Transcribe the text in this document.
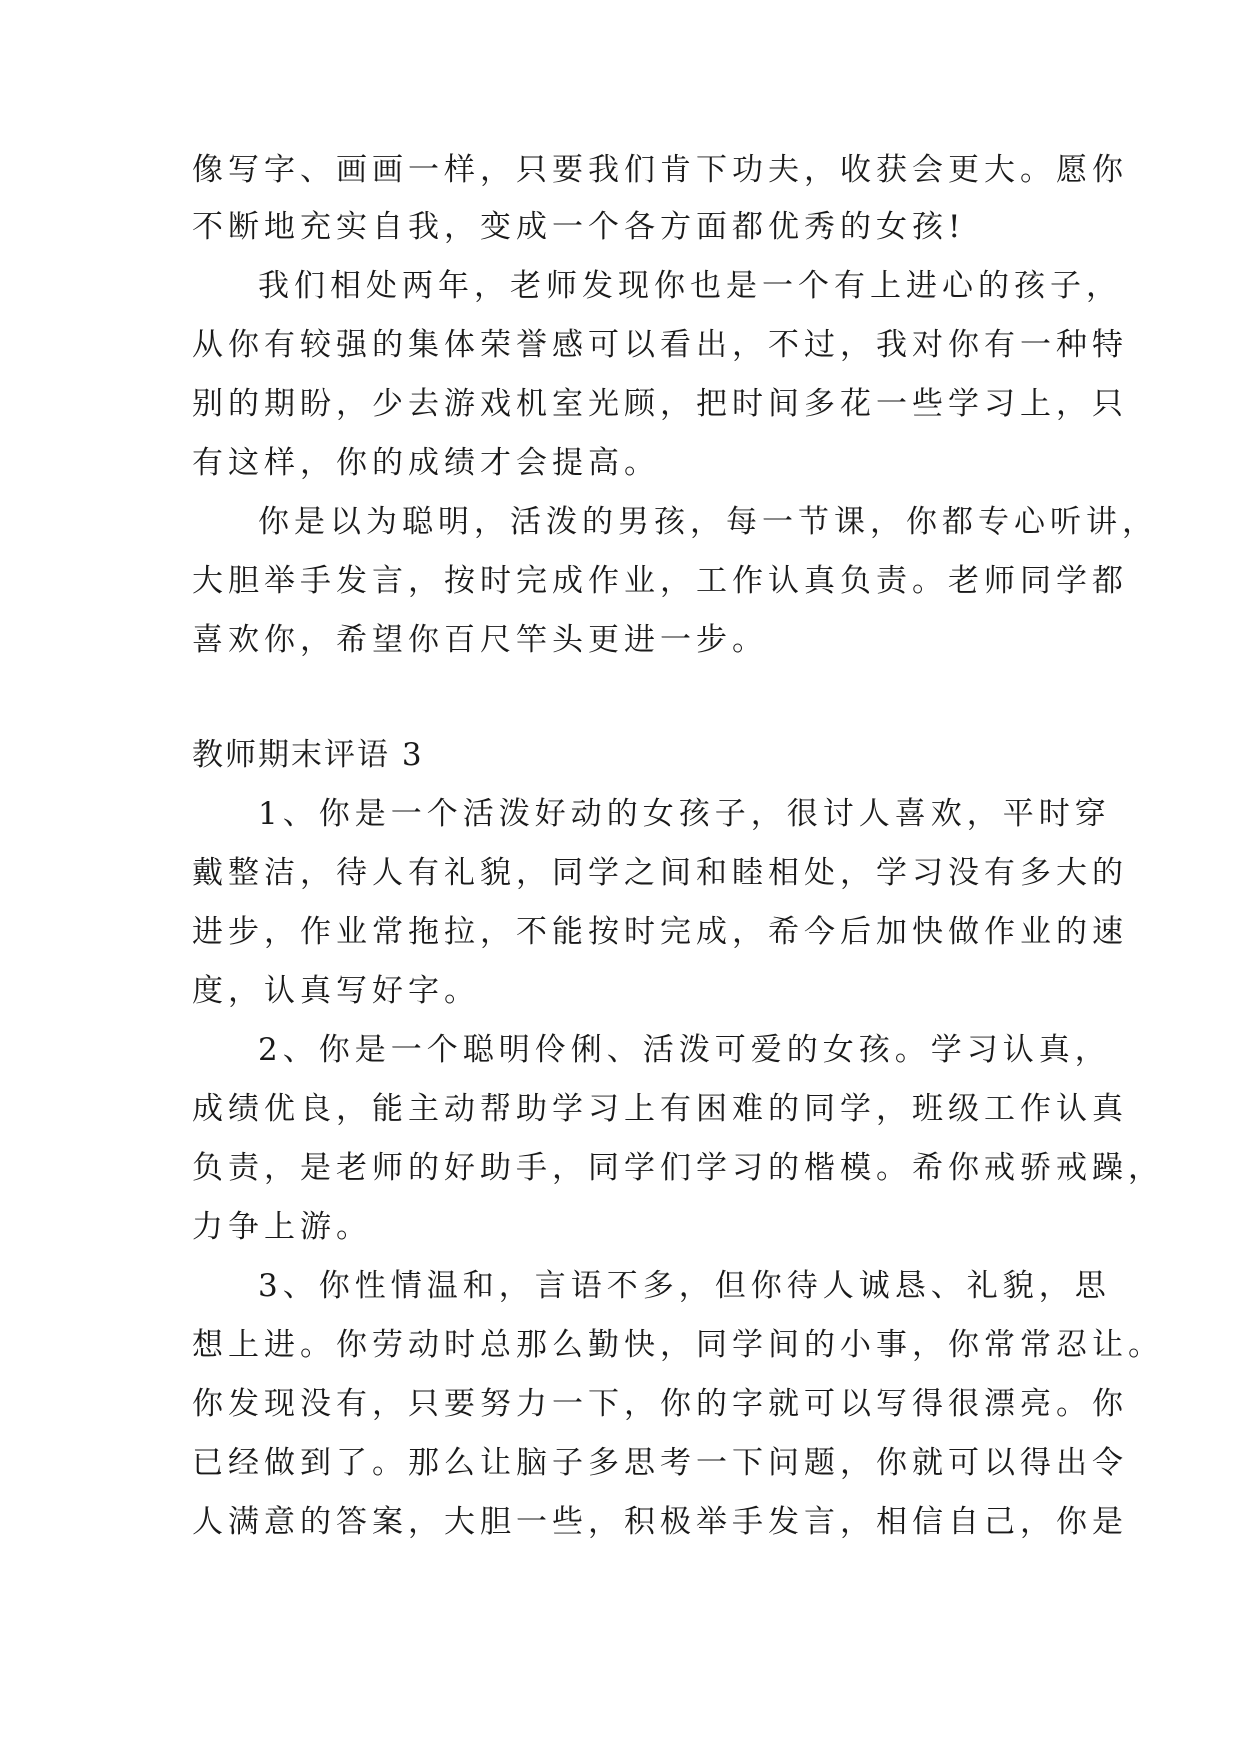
像写字、画画一样，只要我们肯下功夫，收获会更大。愿你
不断地充实自我，变成一个各方面都优秀的女孩!
我们相处两年，老师发现你也是一个有上进心的孩子，
从你有较强的集体荣誉感可以看出，不过，我对你有一种特
别的期盼，少去游戏机室光顾，把时间多花一些学习上，只
有这样，你的成绩才会提高。
你是以为聪明，活泼的男孩，每一节课，你都专心听讲，
大胆举手发言，按时完成作业，工作认真负责。老师同学都
喜欢你，希望你百尺竿头更进一步。
教师期末评语 3
1、你是一个活泼好动的女孩子，很讨人喜欢，平时穿
戴整洁，待人有礼貌，同学之间和睦相处，学习没有多大的
进步，作业常拖拉，不能按时完成，希今后加快做作业的速
度，认真写好字。
2、你是一个聪明伶俐、活泼可爱的女孩。学习认真，
成绩优良，能主动帮助学习上有困难的同学，班级工作认真
负责，是老师的好助手，同学们学习的楷模。希你戒骄戒躁，
力争上游。
3、你性情温和，言语不多，但你待人诚恳、礼貌，思
想上进。你劳动时总那么勤快，同学间的小事，你常常忍让。
你发现没有，只要努力一下，你的字就可以写得很漂亮。你
已经做到了。那么让脑子多思考一下问题，你就可以得出令
人满意的答案，大胆一些，积极举手发言，相信自己，你是
